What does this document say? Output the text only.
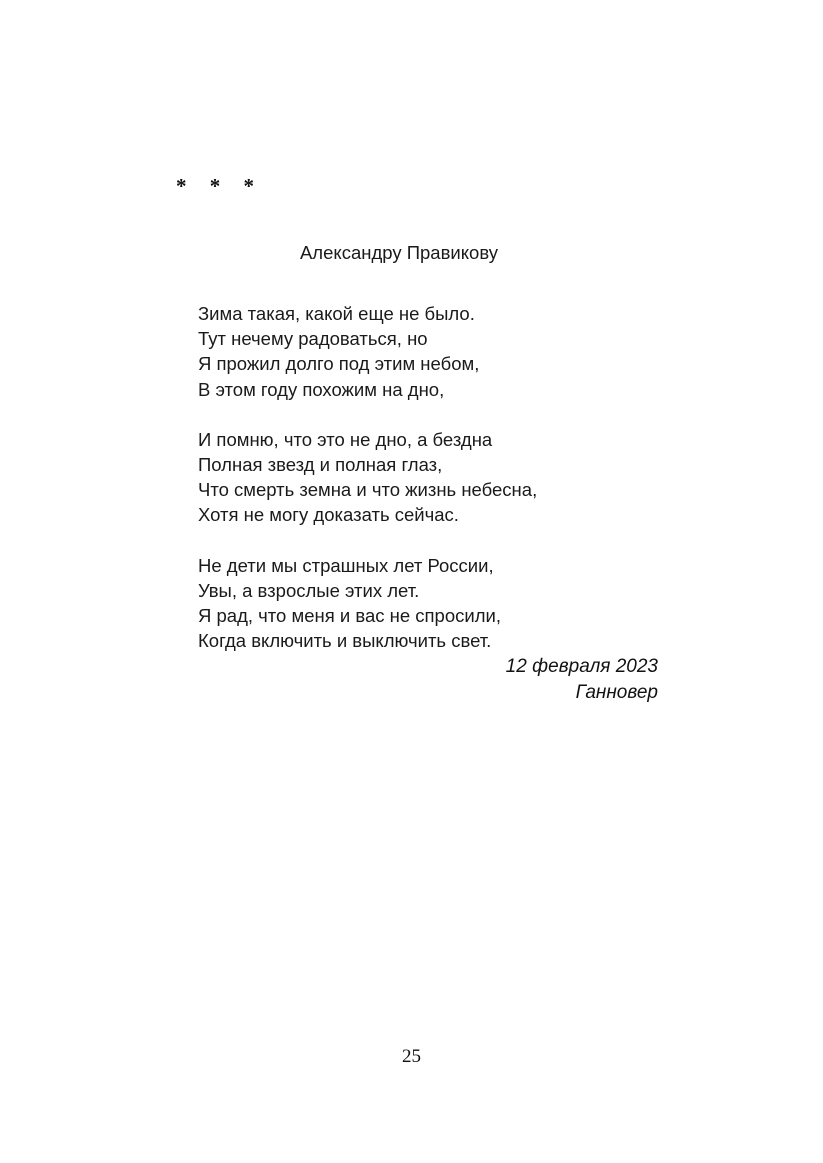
* * *
Александру Правикову
Зима такая, какой еще не было.
Тут нечему радоваться, но
Я прожил долго под этим небом,
В этом году похожим на дно,
И помню, что это не дно, а бездна
Полная звезд и полная глаз,
Что смерть земна и что жизнь небесна,
Хотя не могу доказать сейчас.
Не дети мы страшных лет России,
Увы, а взрослые этих лет.
Я рад, что меня и вас не спросили,
Когда включить и выключить свет.
12 февраля 2023
Ганновер
25
